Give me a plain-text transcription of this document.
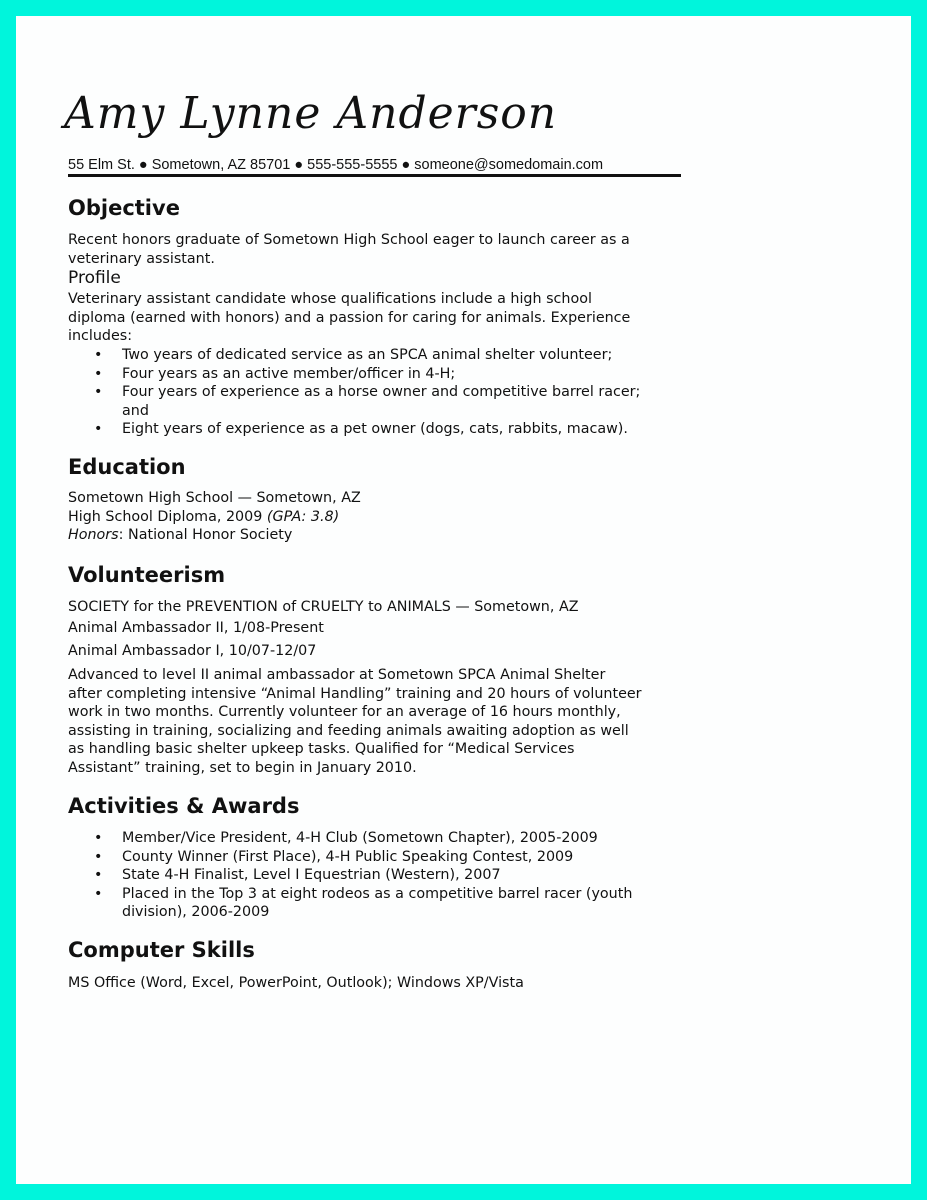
Amy Lynne Anderson
55 Elm St. ● Sometown, AZ 85701 ● 555-555-5555 ● someone@somedomain.com
Objective
Recent honors graduate of Sometown High School eager to launch career as a
veterinary assistant.
Profile
Veterinary assistant candidate whose qualifications include a high school
diploma (earned with honors) and a passion for caring for animals. Experience
includes:
• Two years of dedicated service as an SPCA animal shelter volunteer;
• Four years as an active member/officer in 4-H;
• Four years of experience as a horse owner and competitive barrel racer;
and
• Eight years of experience as a pet owner (dogs, cats, rabbits, macaw).
Education
Sometown High School — Sometown, AZ
High School Diploma, 2009 (GPA: 3.8)
Honors: National Honor Society
Volunteerism
SOCIETY for the PREVENTION of CRUELTY to ANIMALS — Sometown, AZ
Animal Ambassador II, 1/08-Present
Animal Ambassador I, 10/07-12/07
Advanced to level II animal ambassador at Sometown SPCA Animal Shelter
after completing intensive “Animal Handling” training and 20 hours of volunteer
work in two months. Currently volunteer for an average of 16 hours monthly,
assisting in training, socializing and feeding animals awaiting adoption as well
as handling basic shelter upkeep tasks. Qualified for “Medical Services
Assistant” training, set to begin in January 2010.
Activities & Awards
• Member/Vice President, 4-H Club (Sometown Chapter), 2005-2009
• County Winner (First Place), 4-H Public Speaking Contest, 2009
• State 4-H Finalist, Level I Equestrian (Western), 2007
• Placed in the Top 3 at eight rodeos as a competitive barrel racer (youth
division), 2006-2009
Computer Skills
MS Office (Word, Excel, PowerPoint, Outlook); Windows XP/Vista
